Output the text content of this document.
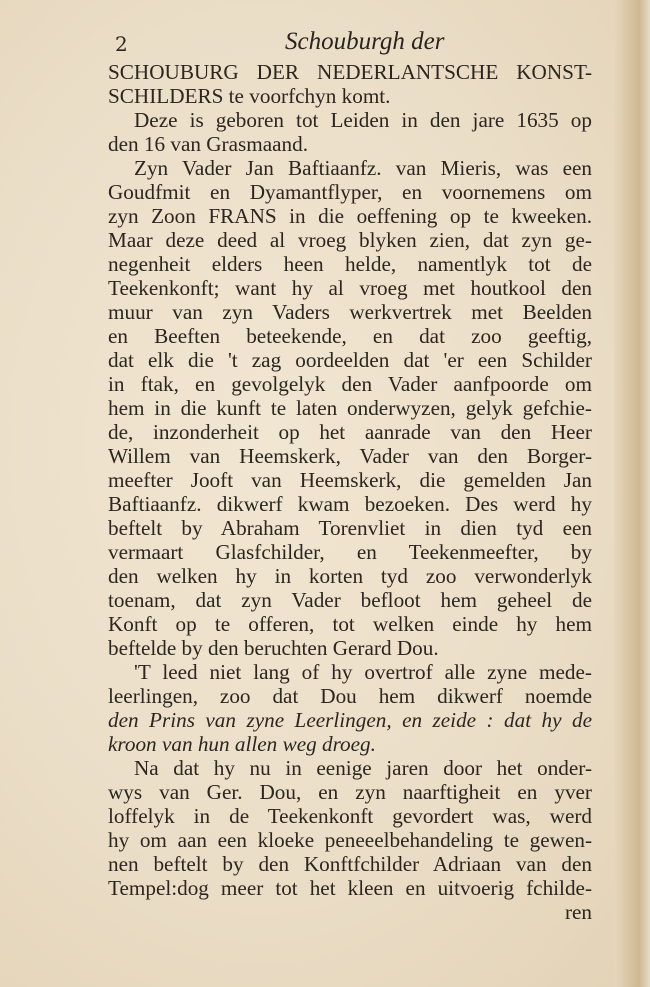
2	Schouburgh der
SCHOUBURG DER NEDERLANTSCHE KONST-
SCHILDERS te voorfchyn komt.
Deze is geboren tot Leiden in den jare 1635 op
den 16 van Grasmaand.
Zyn Vader Jan Baftiaanfz. van Mieris, was een
Goudfmit en Dyamantflyper, en voornemens om
zyn Zoon FRANS in die oeffening op te kweeken.
Maar deze deed al vroeg blyken zien, dat zyn ge-
negenheit elders heen helde, namentlyk tot de
Teekenkonft; want hy al vroeg met houtkool den
muur van zyn Vaders werkvertrek met Beelden
en Beeften beteekende, en dat zoo geeftig,
dat elk die 't zag oordeelden dat 'er een Schilder
in ftak, en gevolgelyk den Vader aanfpoorde om
hem in die kunft te laten onderwyzen, gelyk gefchie-
de, inzonderheit op het aanrade van den Heer
Willem van Heemskerk, Vader van den Borger-
meefter Jooft van Heemskerk, die gemelden Jan
Baftiaanfz. dikwerf kwam bezoeken. Des werd hy
beftelt by Abraham Torenvliet in dien tyd een
vermaart Glasfchilder, en Teekenmeefter, by
den welken hy in korten tyd zoo verwonderlyk
toenam, dat zyn Vader befloot hem geheel de
Konft op te offeren, tot welken einde hy hem
beftelde by den beruchten Gerard Dou.
'T leed niet lang of hy overtrof alle zyne mede-
leerlingen, zoo dat Dou hem dikwerf noemde
den Prins van zyne Leerlingen, en zeide : dat hy de
kroon van hun allen weg droeg.
Na dat hy nu in eenige jaren door het onder-
wys van Ger. Dou, en zyn naarftigheit en yver
loffelyk in de Teekenkonft gevordert was, werd
hy om aan een kloeke peneeelbehandeling te gewen-
nen beftelt by den Konftfchilder Adriaan van den
Tempel:dog meer tot het kleen en uitvoerig fchilde-
ren
